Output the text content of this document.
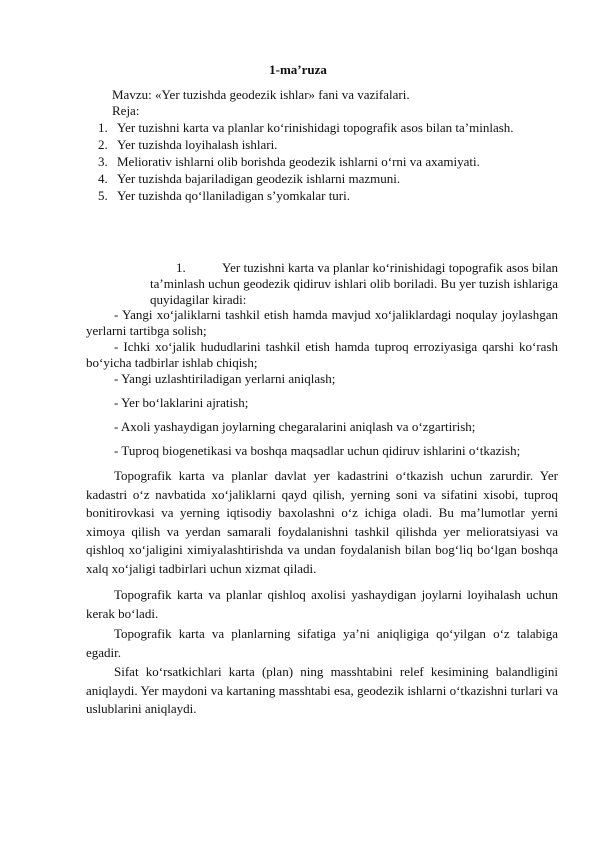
1-ma’ruza
Mavzu: «Yer tuzishda geodezik ishlar» fani va vazifalari.
Reja:
1. Yer tuzishni karta va planlar ko‘rinishidagi topografik asos bilan ta’minlash.
2. Yer tuzishda loyihalash ishlari.
3. Meliorativ ishlarni olib borishda geodezik ishlarni o‘rni va axamiyati.
4. Yer tuzishda bajariladigan geodezik ishlarni mazmuni.
5. Yer tuzishda qo‘llaniladigan s’yomkalar turi.
1.	Yer tuzishni karta va planlar ko‘rinishidagi topografik asos bilan ta’minlash uchun geodezik qidiruv ishlari olib boriladi. Bu yer tuzish ishlariga quyidagilar kiradi:
- Yangi xo‘jaliklarni tashkil etish hamda mavjud xo‘jaliklardagi noqulay joylashgan yerlarni tartibga solish;
- Ichki xo‘jalik hududlarini tashkil etish hamda tuproq erroziyasiga qarshi ko‘rash bo‘yicha tadbirlar ishlab chiqish;
- Yangi uzlashtiriladigan yerlarni aniqlash;
- Yer bo‘laklarini ajratish;
- Axoli yashaydigan joylarning chegaralarini aniqlash va o‘zgartirish;
- Tuproq biogenetikasi va boshqa maqsadlar uchun qidiruv ishlarini o‘tkazish;
Topografik karta va planlar davlat yer kadastrini o‘tkazish uchun zarurdir. Yer kadastri o‘z navbatida xo‘jaliklarni qayd qilish, yerning soni va sifatini xisobi, tuproq bonitirovkasi va yerning iqtisodiy baxolashni o‘z ichiga oladi. Bu ma’lumotlar yerni ximoya qilish va yerdan samarali foydalanishni tashkil qilishda yer melioratsiyasi va qishloq xo‘jaligini ximiyalashtirishda va undan foydalanish bilan bog‘liq bo‘lgan boshqa xalq xo‘jaligi tadbirlari uchun xizmat qiladi.
Topografik karta va planlar qishloq axolisi yashaydigan joylarni loyihalash uchun kerak bo‘ladi.
Topografik karta va planlarning sifatiga ya’ni aniqligiga qo‘yilgan o‘z talabiga egadir.
Sifat ko‘rsatkichlari karta (plan) ning masshtabini relef kesimining balandligini aniqlaydi. Yer maydoni va kartaning masshtabi esa, geodezik ishlarni o‘tkazishni turlari va uslublarini aniqlaydi.
